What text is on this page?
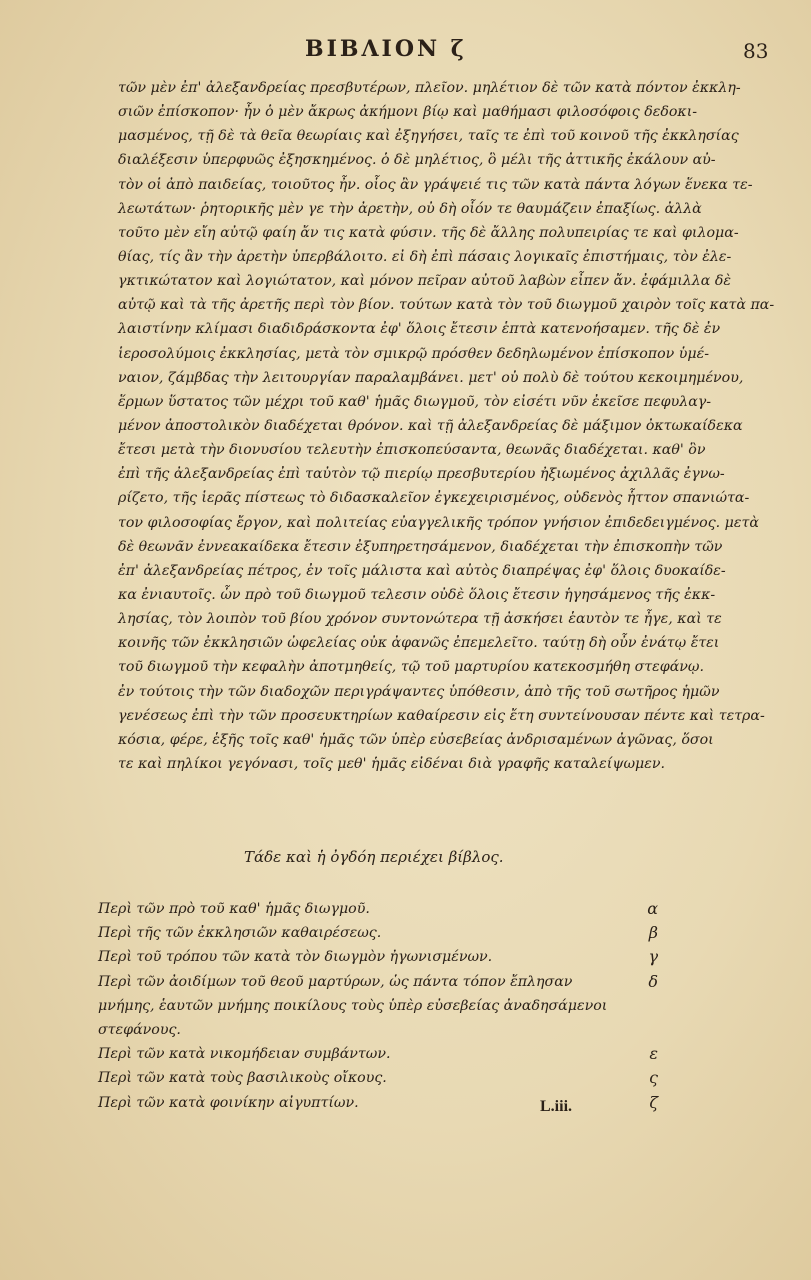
ΒΙΒΛΙΟΝ ζ	83
τῶν μὲν ἐπ' ἀλεξανδρείας πρεσβυτέρων, πλεῖον. μηλέτιον δὲ τῶν κατὰ πόντον ἐκκλη-
σιῶν ἐπίσκοπον· ἦν ὁ μὲν ἄκρως ἀκήμονι βίῳ καὶ μαθήμασι φιλοσόφοις δεδοκι-
μασμένος, τῇ δὲ τὰ θεῖα θεωρίαις καὶ ἐξηγήσει, ταῖς τε ἐπὶ τοῦ κοινοῦ τῆς ἐκκλησίας
διαλέξεσιν ὑπερφυῶς ἐξησκημένος. ὁ δὲ μηλέτιος, ὃ μέλι τῆς ἀττικῆς ἐκάλουν αὐ-
τὸν οἱ ἀπὸ παιδείας, τοιοῦτος ἦν. οἷος ἂν γράψειέ τις τῶν κατὰ πάντα λόγων ἕνεκα τε-
λεωτάτων· ῥητορικῆς μὲν γε τὴν ἀρετὴν, οὐ δὴ οἷόν τε θαυμάζειν ἐπαξίως. ἀλλὰ
τοῦτο μὲν εἴη αὐτῷ φαίη ἄν τις κατὰ φύσιν. τῆς δὲ ἄλλης πολυπειρίας τε καὶ φιλομα-
θίας, τίς ἂν τὴν ἀρετὴν ὑπερβάλοιτο. εἰ δὴ ἐπὶ πάσαις λογικαῖς ἐπιστήμαις, τὸν ἐλε-
γκτικώτατον καὶ λογιώτατον, καὶ μόνον πεῖραν αὐτοῦ λαβὼν εἶπεν ἄν. ἐφάμιλλα δὲ
αὐτῷ καὶ τὰ τῆς ἀρετῆς περὶ τὸν βίον. τούτων κατὰ τὸν τοῦ διωγμοῦ χαιρὸν τοῖς κατὰ πα-
λαιστίνην κλίμασι διαδιδράσκοντα ἐφ' ὅλοις ἔτεσιν ἑπτὰ κατενοήσαμεν. τῆς δὲ ἐν
ἱεροσολύμοις ἐκκλησίας, μετὰ τὸν σμικρῷ πρόσθεν δεδηλωμένον ἐπίσκοπον ὑμέ-
ναιον, ζάμβδας τὴν λειτουργίαν παραλαμβάνει. μετ' οὐ πολὺ δὲ τούτου κεκοιμημένου,
ἕρμων ὕστατος τῶν μέχρι τοῦ καθ' ἡμᾶς διωγμοῦ, τὸν εἰσέτι νῦν ἐκεῖσε πεφυλαγ-
μένον ἀποστολικὸν διαδέχεται θρόνον. καὶ τῇ ἀλεξανδρείας δὲ μάξιμον ὀκτωκαίδεκα
ἔτεσι μετὰ τὴν διονυσίου τελευτὴν ἐπισκοπεύσαντα, θεωνᾶς διαδέχεται. καθ' ὃν
ἐπὶ τῆς ἀλεξανδρείας ἐπὶ ταὐτὸν τῷ πιερίῳ πρεσβυτερίου ἠξιωμένος ἀχιλλᾶς ἐγνω-
ρίζετο, τῆς ἱερᾶς πίστεως τὸ διδασκαλεῖον ἐγκεχειρισμένος, οὐδενὸς ἧττον σπανιώτα-
τον φιλοσοφίας ἔργον, καὶ πολιτείας εὐαγγελικῆς τρόπον γνήσιον ἐπιδεδειγμένος. μετὰ
δὲ θεωνᾶν ἐννεακαίδεκα ἔτεσιν ἐξυπηρετησάμενον, διαδέχεται τὴν ἐπισκοπὴν τῶν
ἐπ' ἀλεξανδρείας πέτρος, ἐν τοῖς μάλιστα καὶ αὐτὸς διαπρέψας ἐφ' ὅλοις δυοκαίδε-
κα ἐνιαυτοῖς. ὧν πρὸ τοῦ διωγμοῦ τελεσιν οὐδὲ ὅλοις ἔτεσιν ἡγησάμενος τῆς ἐκκ-
λησίας, τὸν λοιπὸν τοῦ βίου χρόνον συντονώτερα τῇ ἀσκήσει ἑαυτὸν τε ἦγε, καὶ τε
κοινῆς τῶν ἐκκλησιῶν ὠφελείας οὐκ ἀφανῶς ἐπεμελεῖτο. ταύτῃ δὴ οὖν ἐνάτῳ ἔτει
τοῦ διωγμοῦ τὴν κεφαλὴν ἀποτμηθείς, τῷ τοῦ μαρτυρίου κατεκοσμήθη στεφάνῳ.
ἐν τούτοις τὴν τῶν διαδοχῶν περιγράψαντες ὑπόθεσιν, ἀπὸ τῆς τοῦ σωτῆρος ἡμῶν
γενέσεως ἐπὶ τὴν τῶν προσευκτηρίων καθαίρεσιν εἰς ἔτη συντείνουσαν πέντε καὶ τετρα-
κόσια, φέρε, ἑξῆς τοῖς καθ' ἡμᾶς τῶν ὑπὲρ εὐσεβείας ἀνδρισαμένων ἀγῶνας, ὅσοι
τε καὶ πηλίκοι γεγόνασι, τοῖς μεθ' ἡμᾶς εἰδέναι διὰ γραφῆς καταλείψωμεν.
Τάδε καὶ ἡ ὀγδόη περιέχει βίβλος.
Περὶ τῶν πρὸ τοῦ καθ' ἡμᾶς διωγμοῦ.	α
Περὶ τῆς τῶν ἐκκλησιῶν καθαιρέσεως.	β
Περὶ τοῦ τρόπου τῶν κατὰ τὸν διωγμὸν ἠγωνισμένων.	γ
Περὶ τῶν ἀοιδίμων τοῦ θεοῦ μαρτύρων, ὡς πάντα τόπον ἔπλησαν μνήμης, ἑαυτῶν μνήμης ποικίλους τοὺς ὑπὲρ εὐσεβείας ἀναδησάμενοι στεφάνους.
δ
Περὶ τῶν κατὰ νικομήδειαν συμβάντων.	ε
Περὶ τῶν κατὰ τοὺς βασιλικοὺς οἴκους.	ς
Περὶ τῶν κατὰ φοινίκην αἰγυπτίων.	ζ
L.iii.
